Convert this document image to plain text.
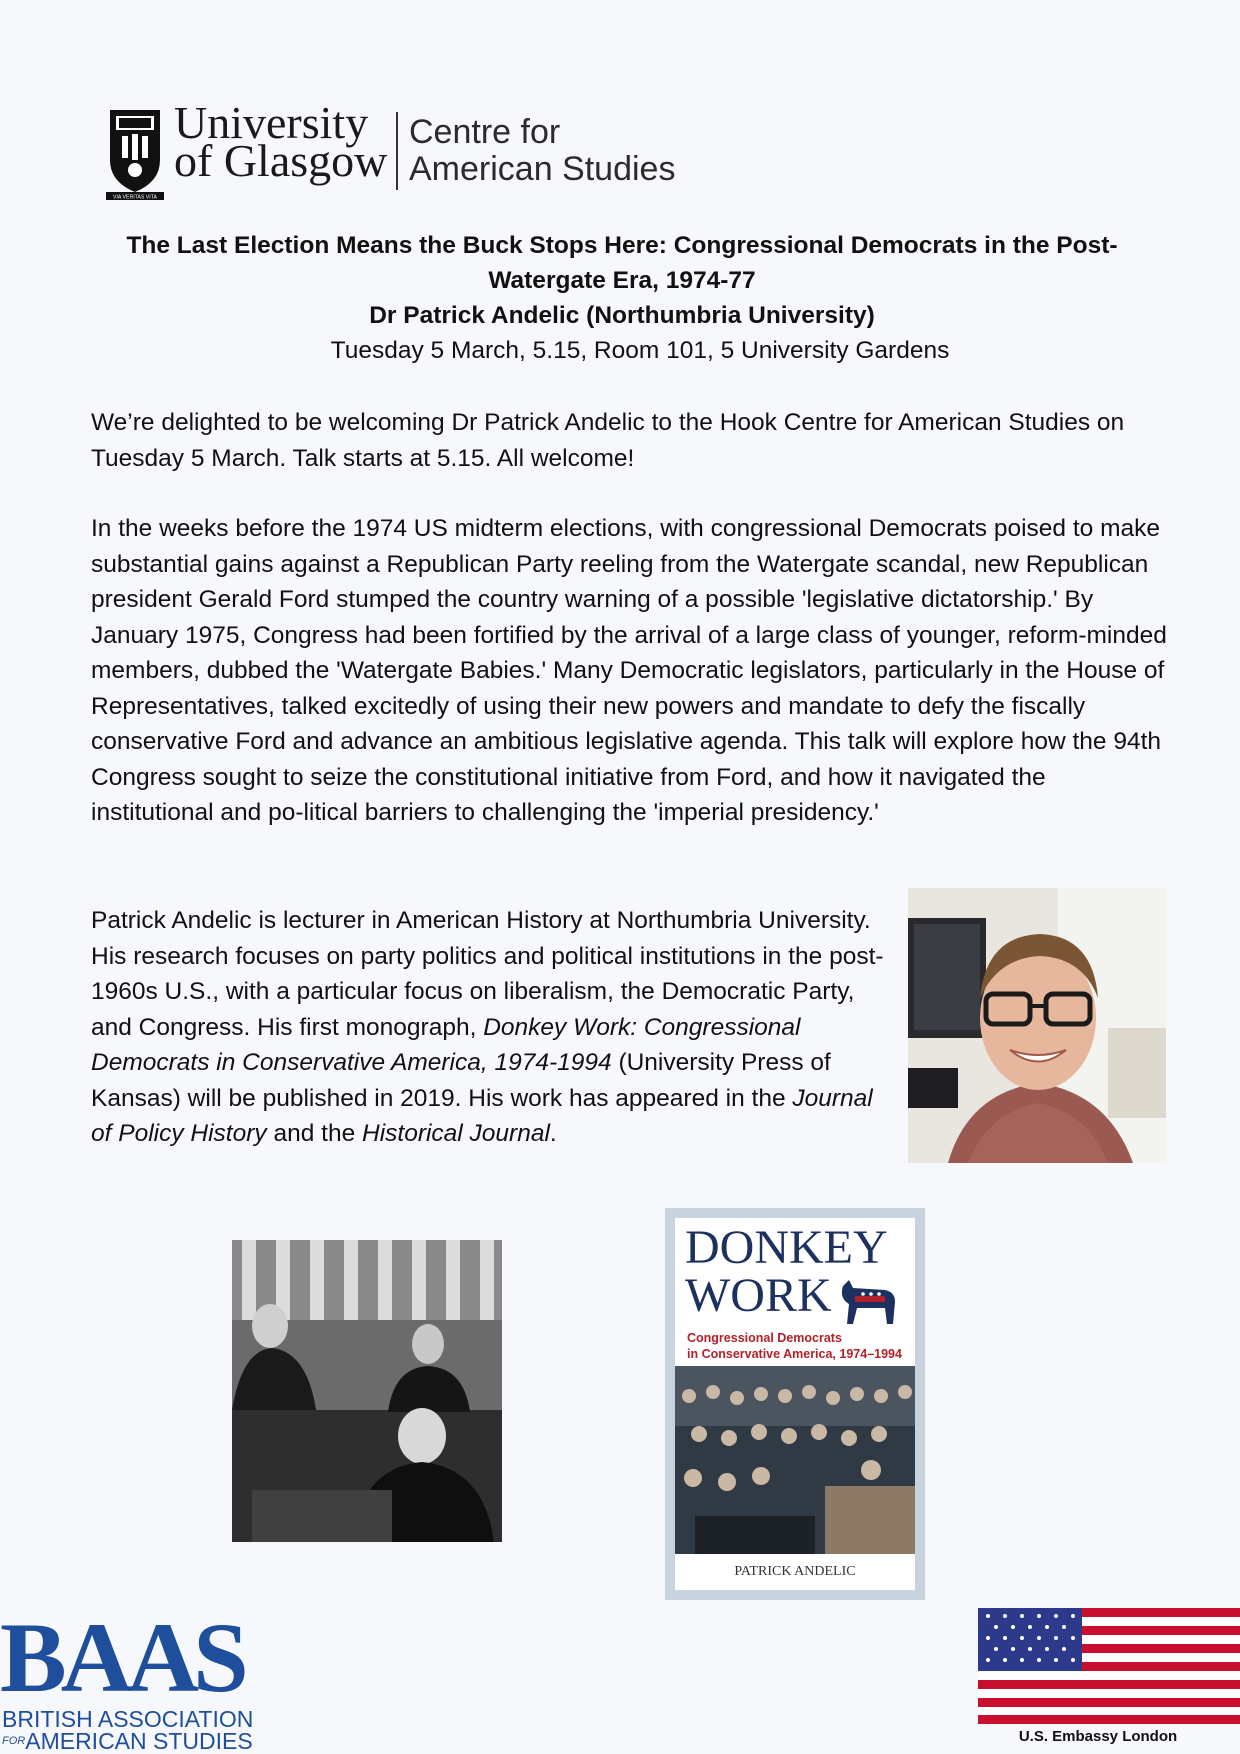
VIA VERITAS VITA
University
of Glasgow
Centre for
American Studies
The Last Election Means the Buck Stops Here: Congressional Democrats in the Post-Watergate Era, 1974-77
Dr Patrick Andelic (Northumbria University)
Tuesday 5 March, 5.15, Room 101, 5 University Gardens
We’re delighted to be welcoming Dr Patrick Andelic to the Hook Centre for American Studies on Tuesday 5 March. Talk starts at 5.15. All welcome!
In the weeks before the 1974 US midterm elections, with congressional Democrats poised to make substantial gains against a Republican Party reeling from the Watergate scandal, new Republican president Gerald Ford stumped the country warning of a possible 'legislative dictatorship.' By January 1975, Congress had been fortified by the arrival of a large class of younger, reform-minded members, dubbed the 'Watergate Babies.' Many Democratic legislators, particularly in the House of Representatives, talked excitedly of using their new powers and mandate to defy the fiscally conservative Ford and advance an ambitious legislative agenda. This talk will explore how the 94th Congress sought to seize the constitutional initiative from Ford, and how it navigated the institutional and po-litical barriers to challenging the 'imperial presidency.'
Patrick Andelic is lecturer in American History at Northumbria University. His research focuses on party politics and political institutions in the post-1960s U.S., with a particular focus on liberalism, the Democratic Party, and Congress. His first monograph, Donkey Work: Congressional Democrats in Conservative America, 1974-1994 (University Press of Kansas) will be published in 2019. His work has appeared in the Journal of Policy History and the Historical Journal.
DONKEY
WORK
Congressional Democrats
in Conservative America, 1974–1994
PATRICK ANDELIC
BAAS
BRITISH ASSOCIATION
$^{FOR}$AMERICAN STUDIES	U.S. Embassy London
